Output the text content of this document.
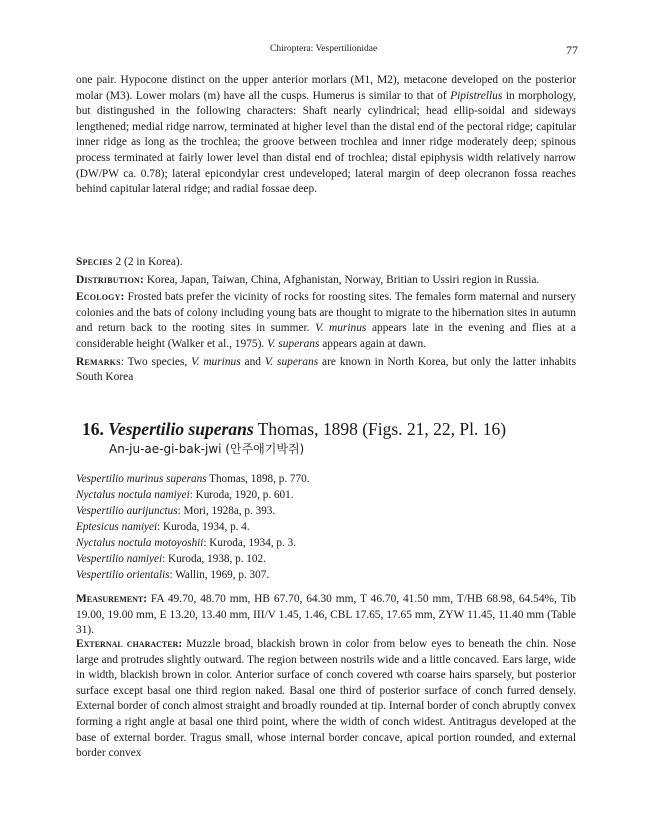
Chiroptera: Vespertilionidae	77

one pair. Hypocone distinct on the upper anterior morlars (M1, M2), metacone developed on the posterior molar (M3). Lower molars (m) have all the cusps. Humerus is similar to that of Pipistrellus in morphology, but distingushed in the following characters: Shaft nearly cylindrical; head ellip-soidal and sideways lengthened; medial ridge narrow, terminated at higher level than the distal end of the pectoral ridge; capitular inner ridge as long as the trochlea; the groove between trochlea and inner ridge moderately deep; spinous process terminated at fairly lower level than distal end of trochlea; distal epiphysis width relatively narrow (DW/PW ca. 0.78); lateral epicondylar crest undeveloped; lateral margin of deep olecranon fossa reaches behind capitular lateral ridge; and radial fossae deep.

Species 2 (2 in Korea).

Distribution: Korea, Japan, Taiwan, China, Afghanistan, Norway, Britian to Ussiri region in Russia.

Ecology: Frosted bats prefer the vicinity of rocks for roosting sites. The females form maternal and nursery colonies and the bats of colony including young bats are thought to migrate to the hibernation sites in autumn and return back to the rooting sites in summer. V. murinus appears late in the evening and flies at a considerable height (Walker et al., 1975). V. superans appears again at dawn.

Remarks: Two species, V. murinus and V. superans are known in North Korea, but only the latter inhabits South Korea

16. Vespertilio superans Thomas, 1898 (Figs. 21, 22, Pl. 16)
An-ju-ae-gi-bak-jwi (안주애기박쥐)
Vespertilio murinus superans Thomas, 1898, p. 770.
Nyctalus noctula namiyei: Kuroda, 1920, p. 601.
Vespertilio aurijunctus: Mori, 1928a, p. 393.
Eptesicus namiyei: Kuroda, 1934, p. 4.
Nyctalus noctula motoyoshii: Kuroda, 1934, p. 3.
Vespertilio namiyei: Kuroda, 1938, p. 102.
Vespertilio orientalis: Wallin, 1969, p. 307.

Measurement: FA 49.70, 48.70 mm, HB 67.70, 64.30 mm, T 46.70, 41.50 mm, T/HB 68.98, 64.54%, Tib 19.00, 19.00 mm, E 13.20, 13.40 mm, III/V 1.45, 1.46, CBL 17.65, 17.65 mm, ZYW 11.45, 11.40 mm (Table 31).

External character: Muzzle broad, blackish brown in color from below eyes to beneath the chin. Nose large and protrudes slightly outward. The region between nostrils wide and a little concaved. Ears large, wide in width, blackish brown in color. Anterior surface of conch covered wth coarse hairs sparsely, but posterior surface except basal one third region naked. Basal one third of posterior surface of conch furred densely. External border of conch almost straight and broadly rounded at tip. Internal border of conch abruptly convex forming a right angle at basal one third point, where the width of conch widest. Antitragus developed at the base of external border. Tragus small, whose internal border concave, apical portion rounded, and external border convex
